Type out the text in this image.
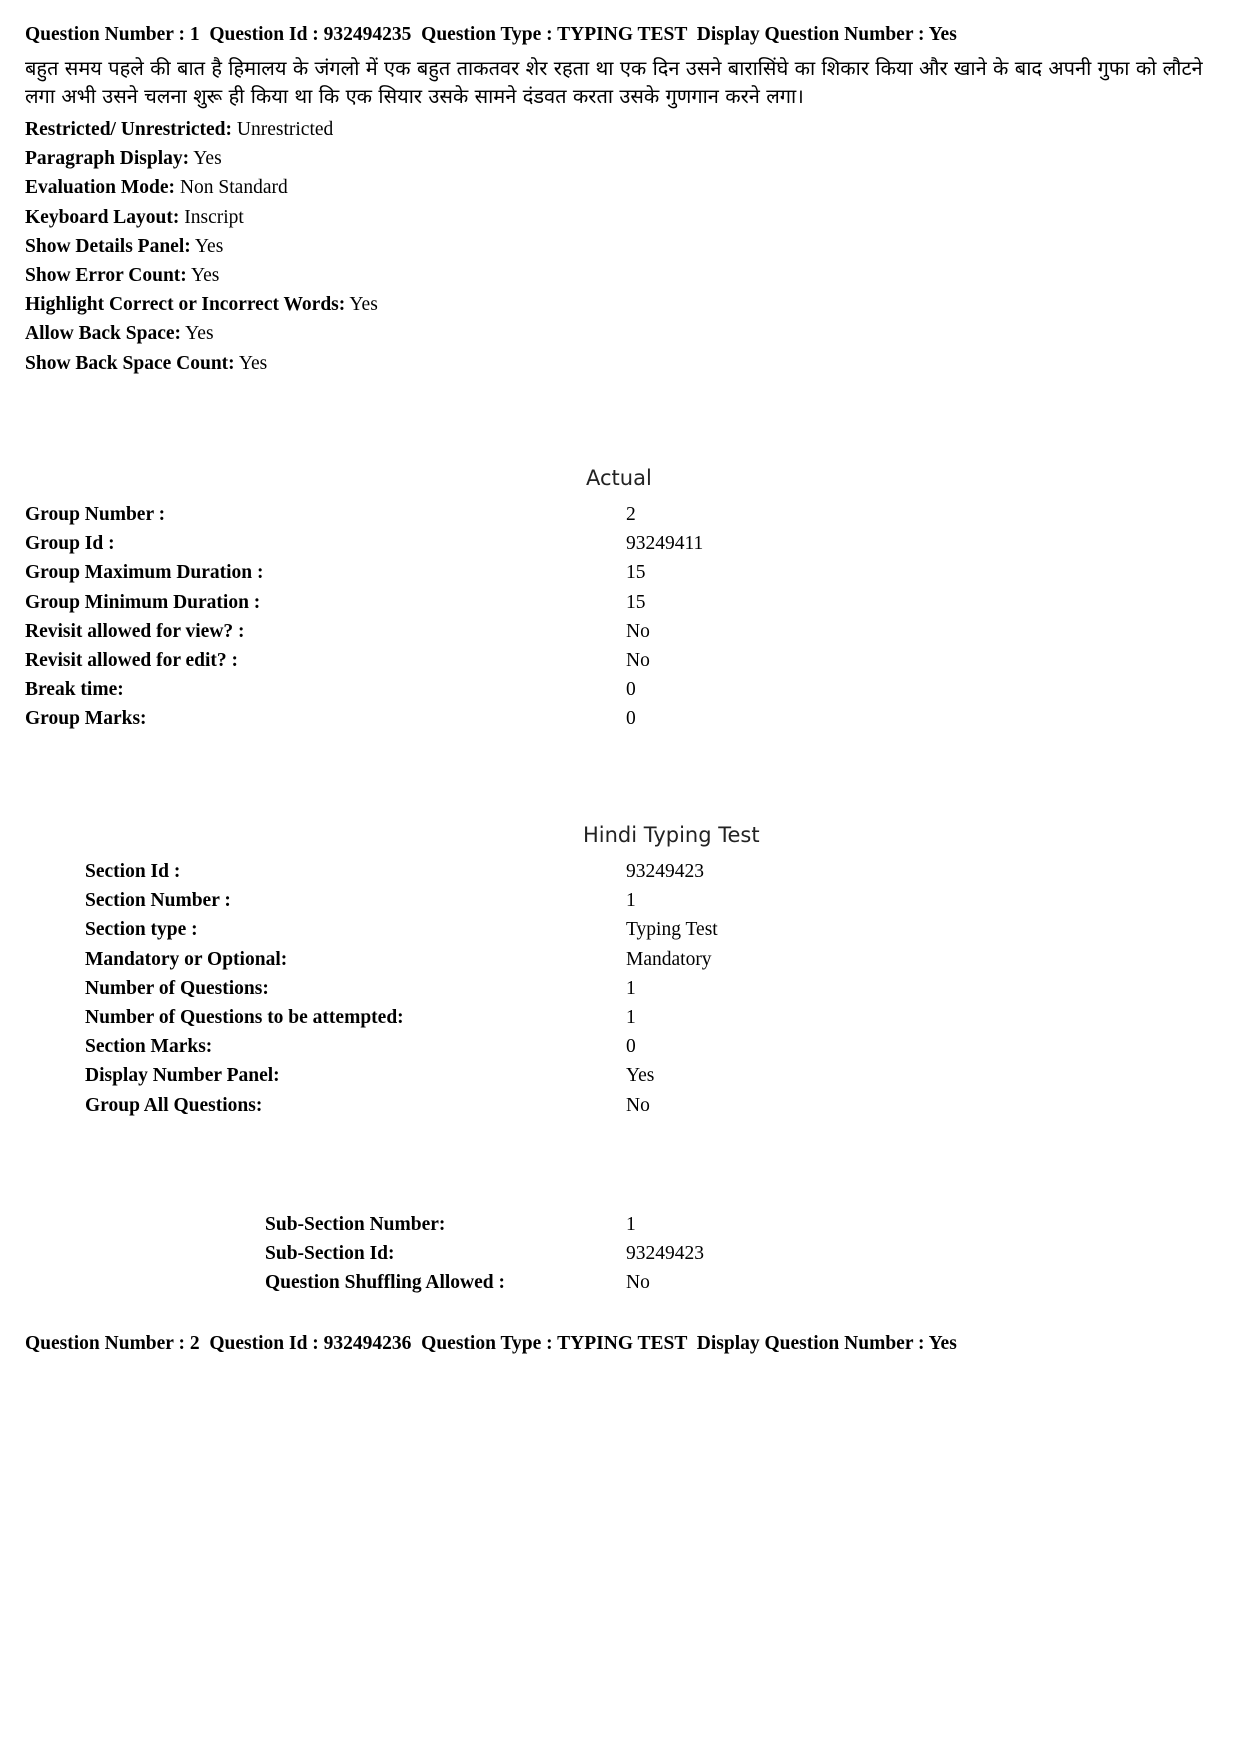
Question Number : 1  Question Id : 932494235  Question Type : TYPING TEST  Display Question Number : Yes
बहुत समय पहले की बात है हिमालय के जंगलो में एक बहुत ताकतवर शेर रहता था एक दिन उसने बारासिंघे का शिकार किया और खाने के बाद अपनी गुफा को लौटने लगा अभी उसने चलना शुरू ही किया था कि एक सियार उसके सामने दंडवत करता उसके गुणगान करने लगा।
Restricted/ Unrestricted: Unrestricted
Paragraph Display: Yes
Evaluation Mode: Non Standard
Keyboard Layout: Inscript
Show Details Panel: Yes
Show Error Count: Yes
Highlight Correct or Incorrect Words: Yes
Allow Back Space: Yes
Show Back Space Count: Yes
Actual
Group Number :	2
Group Id :	93249411
Group Maximum Duration :	15
Group Minimum Duration :	15
Revisit allowed for view? :	No
Revisit allowed for edit? :	No
Break time:	0
Group Marks:	0
Hindi Typing Test
Section Id :	93249423
Section Number :	1
Section type :	Typing Test
Mandatory or Optional:	Mandatory
Number of Questions:	1
Number of Questions to be attempted:	1
Section Marks:	0
Display Number Panel:	Yes
Group All Questions:	No
Sub-Section Number:	1
Sub-Section Id:	93249423
Question Shuffling Allowed :	No
Question Number : 2  Question Id : 932494236  Question Type : TYPING TEST  Display Question Number : Yes
